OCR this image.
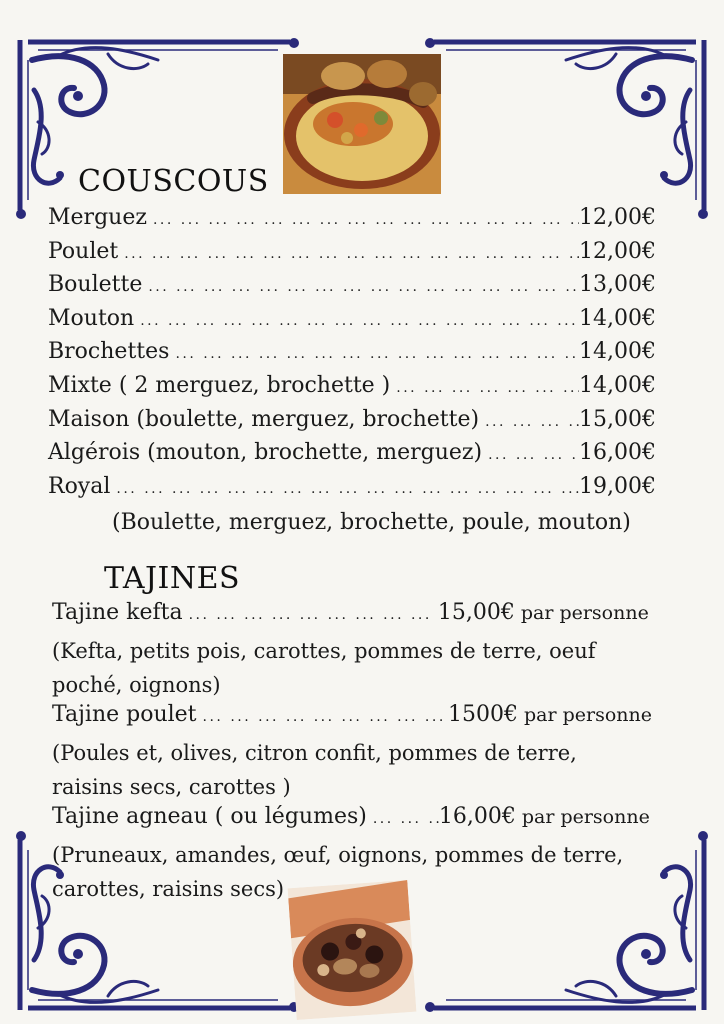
COUSCOUS
Merguez ... .	12,00€
Poulet ... .	12,00€
Boulette ... .	13,00€
Mouton ... .	14,00€
Brochettes ... .	14,00€
Mixte ( 2 merguez, brochette ) ... .	14,00€
Maison (boulette, merguez, brochette) ... .	15,00€
Algérois (mouton, brochette, merguez) ... .	16,00€
Royal ... .	19,00€
(Boulette, merguez, brochette, poule, mouton)
TAJINES
Tajine kefta ... .	15,00€ par personne

(Kefta, petits pois, carottes, pommes de terre, oeuf poché, oignons)

Tajine poulet ... .	1500€ par personne

(Poules et, olives, citron confit, pommes de terre, raisins secs, carottes )

Tajine agneau ( ou légumes) ... .	16,00€ par personne

(Pruneaux, amandes, œuf, oignons, pommes de terre, carottes, raisins secs)
